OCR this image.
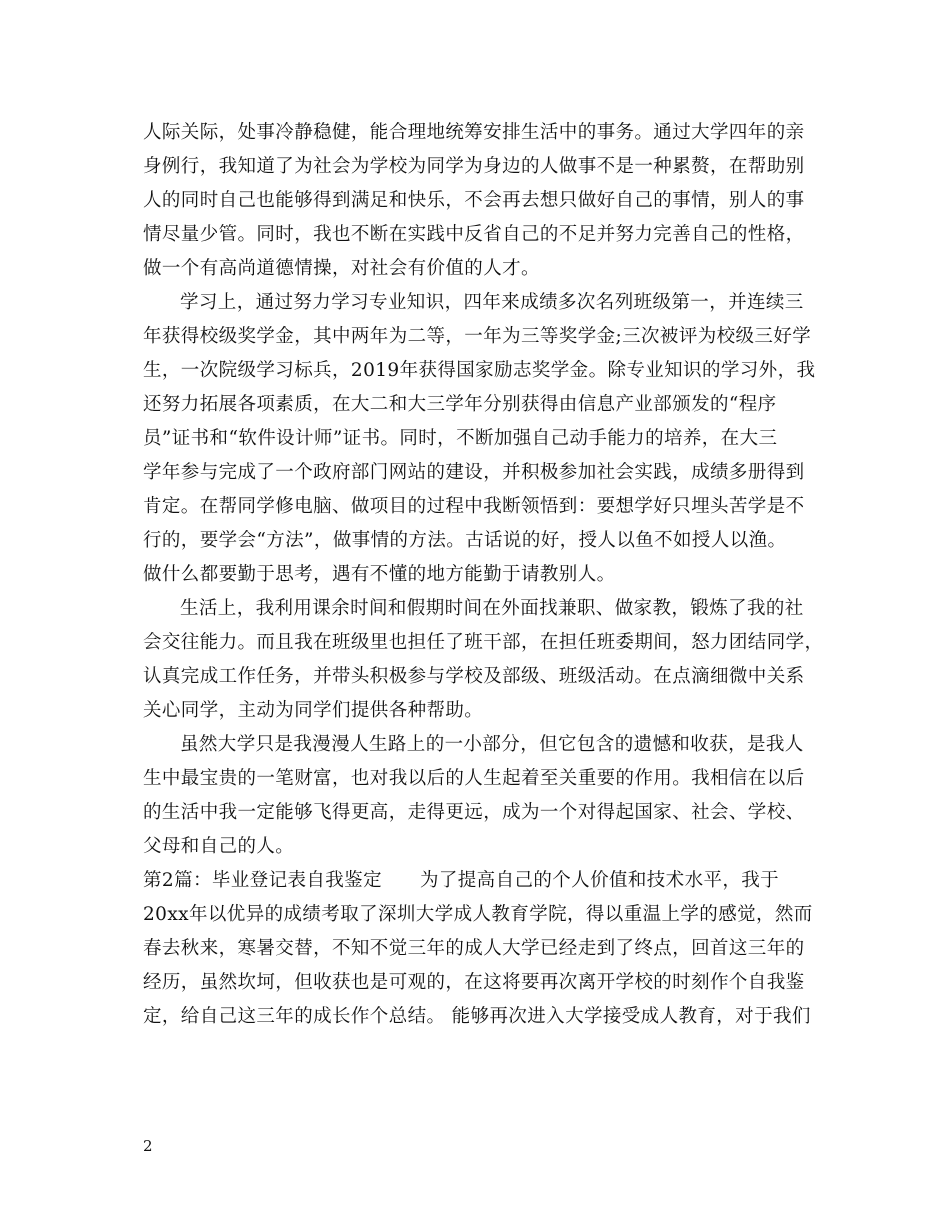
人际关际，处事冷静稳健，能合理地统筹安排生活中的事务。通过大学四年的亲
身例行，我知道了为社会为学校为同学为身边的人做事不是一种累赘，在帮助别
人的同时自己也能够得到满足和快乐，不会再去想只做好自己的事情，别人的事
情尽量少管。同时，我也不断在实践中反省自己的不足并努力完善自己的性格，
做一个有高尚道德情操，对社会有价值的人才。
学习上，通过努力学习专业知识，四年来成绩多次名列班级第一，并连续三
年获得校级奖学金，其中两年为二等，一年为三等奖学金;三次被评为校级三好学
生，一次院级学习标兵，2019年获得国家励志奖学金。除专业知识的学习外，我
还努力拓展各项素质，在大二和大三学年分别获得由信息产业部颁发的“程序
员”证书和“软件设计师”证书。同时，不断加强自己动手能力的培养，在大三
学年参与完成了一个政府部门网站的建设，并积极参加社会实践，成绩多册得到
肯定。在帮同学修电脑、做项目的过程中我断领悟到：要想学好只埋头苦学是不
行的，要学会“方法”，做事情的方法。古话说的好，授人以鱼不如授人以渔。
做什么都要勤于思考，遇有不懂的地方能勤于请教别人。
生活上，我利用课余时间和假期时间在外面找兼职、做家教，锻炼了我的社
会交往能力。而且我在班级里也担任了班干部，在担任班委期间，怒力团结同学，
认真完成工作任务，并带头积极参与学校及部级、班级活动。在点滴细微中关系
关心同学，主动为同学们提供各种帮助。
虽然大学只是我漫漫人生路上的一小部分，但它包含的遗憾和收获，是我人
生中最宝贵的一笔财富，也对我以后的人生起着至关重要的作用。我相信在以后
的生活中我一定能够飞得更高，走得更远，成为一个对得起国家、社会、学校、
父母和自己的人。
第2篇：毕业登记表自我鉴定 为了提高自己的个人价值和技术水平，我于
20xx年以优异的成绩考取了深圳大学成人教育学院，得以重温上学的感觉，然而
春去秋来，寒暑交替，不知不觉三年的成人大学已经走到了终点，回首这三年的
经历，虽然坎坷，但收获也是可观的，在这将要再次离开学校的时刻作个自我鉴
定，给自己这三年的成长作个总结。 能够再次进入大学接受成人教育，对于我们
2
